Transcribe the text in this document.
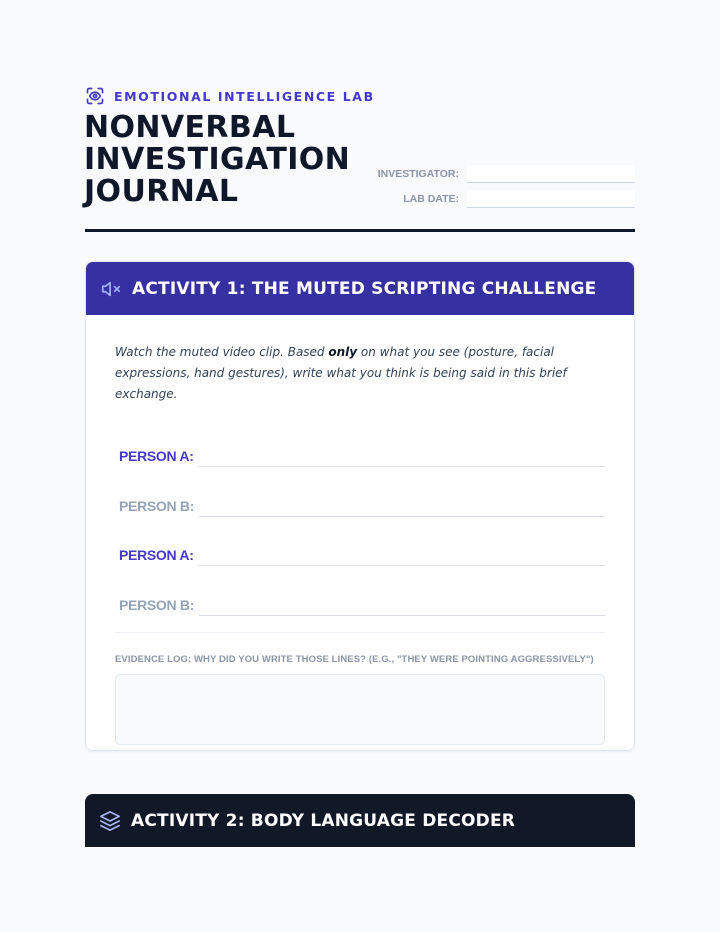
EMOTIONAL INTELLIGENCE LAB
NONVERBAL
INVESTIGATION
JOURNAL	INVESTIGATOR:
LAB DATE:
ACTIVITY 1: THE MUTED SCRIPTING CHALLENGE

Watch the muted video clip. Based only on what you see (posture, facial expressions, hand gestures), write what you think is being said in this brief exchange.

PERSON A:
PERSON B:
PERSON A:
PERSON B:
EVIDENCE LOG: WHY DID YOU WRITE THOSE LINES? (E.G., "THEY WERE POINTING AGGRESSIVELY")
ACTIVITY 2: BODY LANGUAGE DECODER
